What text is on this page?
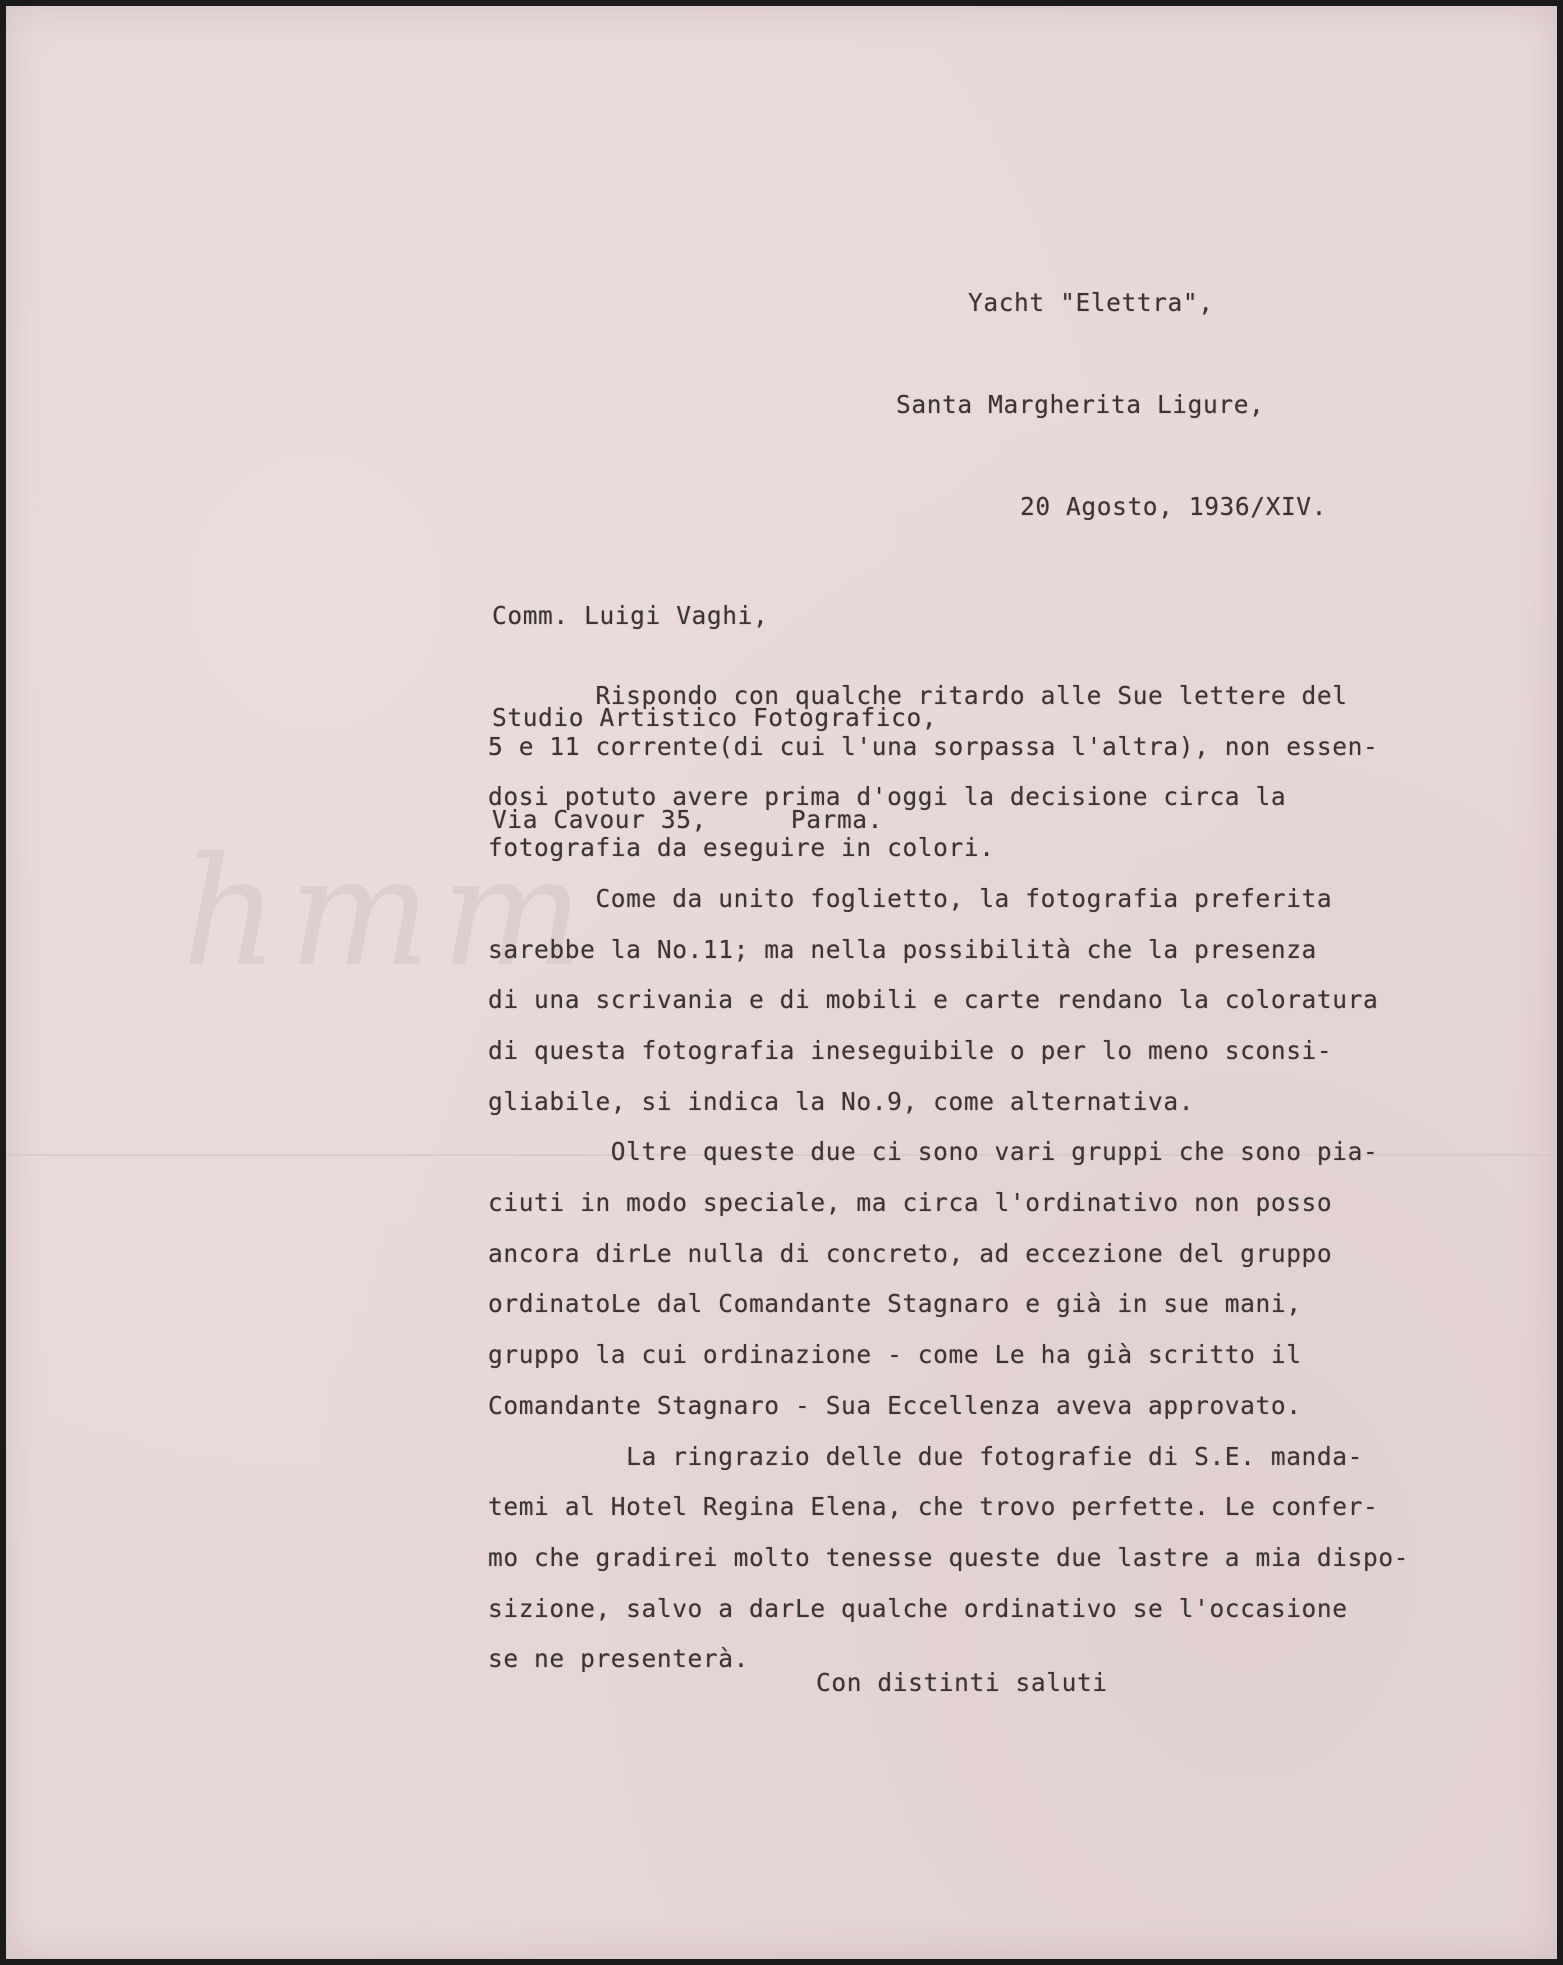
hmm

Yacht "Elettra",

Santa Margherita Ligure,

20 Agosto, 1936/XIV.

Comm. Luigi Vaghi,

Studio Artistico Fotografico,

Via Cavour 35,	Parma.

Rispondo con qualche ritardo alle Sue lettere del
5 e 11 corrente(di cui l'una sorpassa l'altra), non essen-
dosi potuto avere prima d'oggi la decisione circa la
fotografia da eseguire in colori.
Come da unito foglietto, la fotografia preferita
sarebbe la No.11; ma nella possibilità che la presenza
di una scrivania e di mobili e carte rendano la coloratura
di questa fotografia ineseguibile o per lo meno sconsi-
gliabile, si indica la No.9, come alternativa.
Oltre queste due ci sono vari gruppi che sono pia-
ciuti in modo speciale, ma circa l'ordinativo non posso
ancora dirLe nulla di concreto, ad eccezione del gruppo
ordinatoLe dal Comandante Stagnaro e già in sue mani,
gruppo la cui ordinazione - come Le ha già scritto il
Comandante Stagnaro - Sua Eccellenza aveva approvato.
La ringrazio delle due fotografie di S.E. manda-
temi al Hotel Regina Elena, che trovo perfette. Le confer-
mo che gradirei molto tenesse queste due lastre a mia dispo-
sizione, salvo a darLe qualche ordinativo se l'occasione
se ne presenterà.
Con distinti saluti
